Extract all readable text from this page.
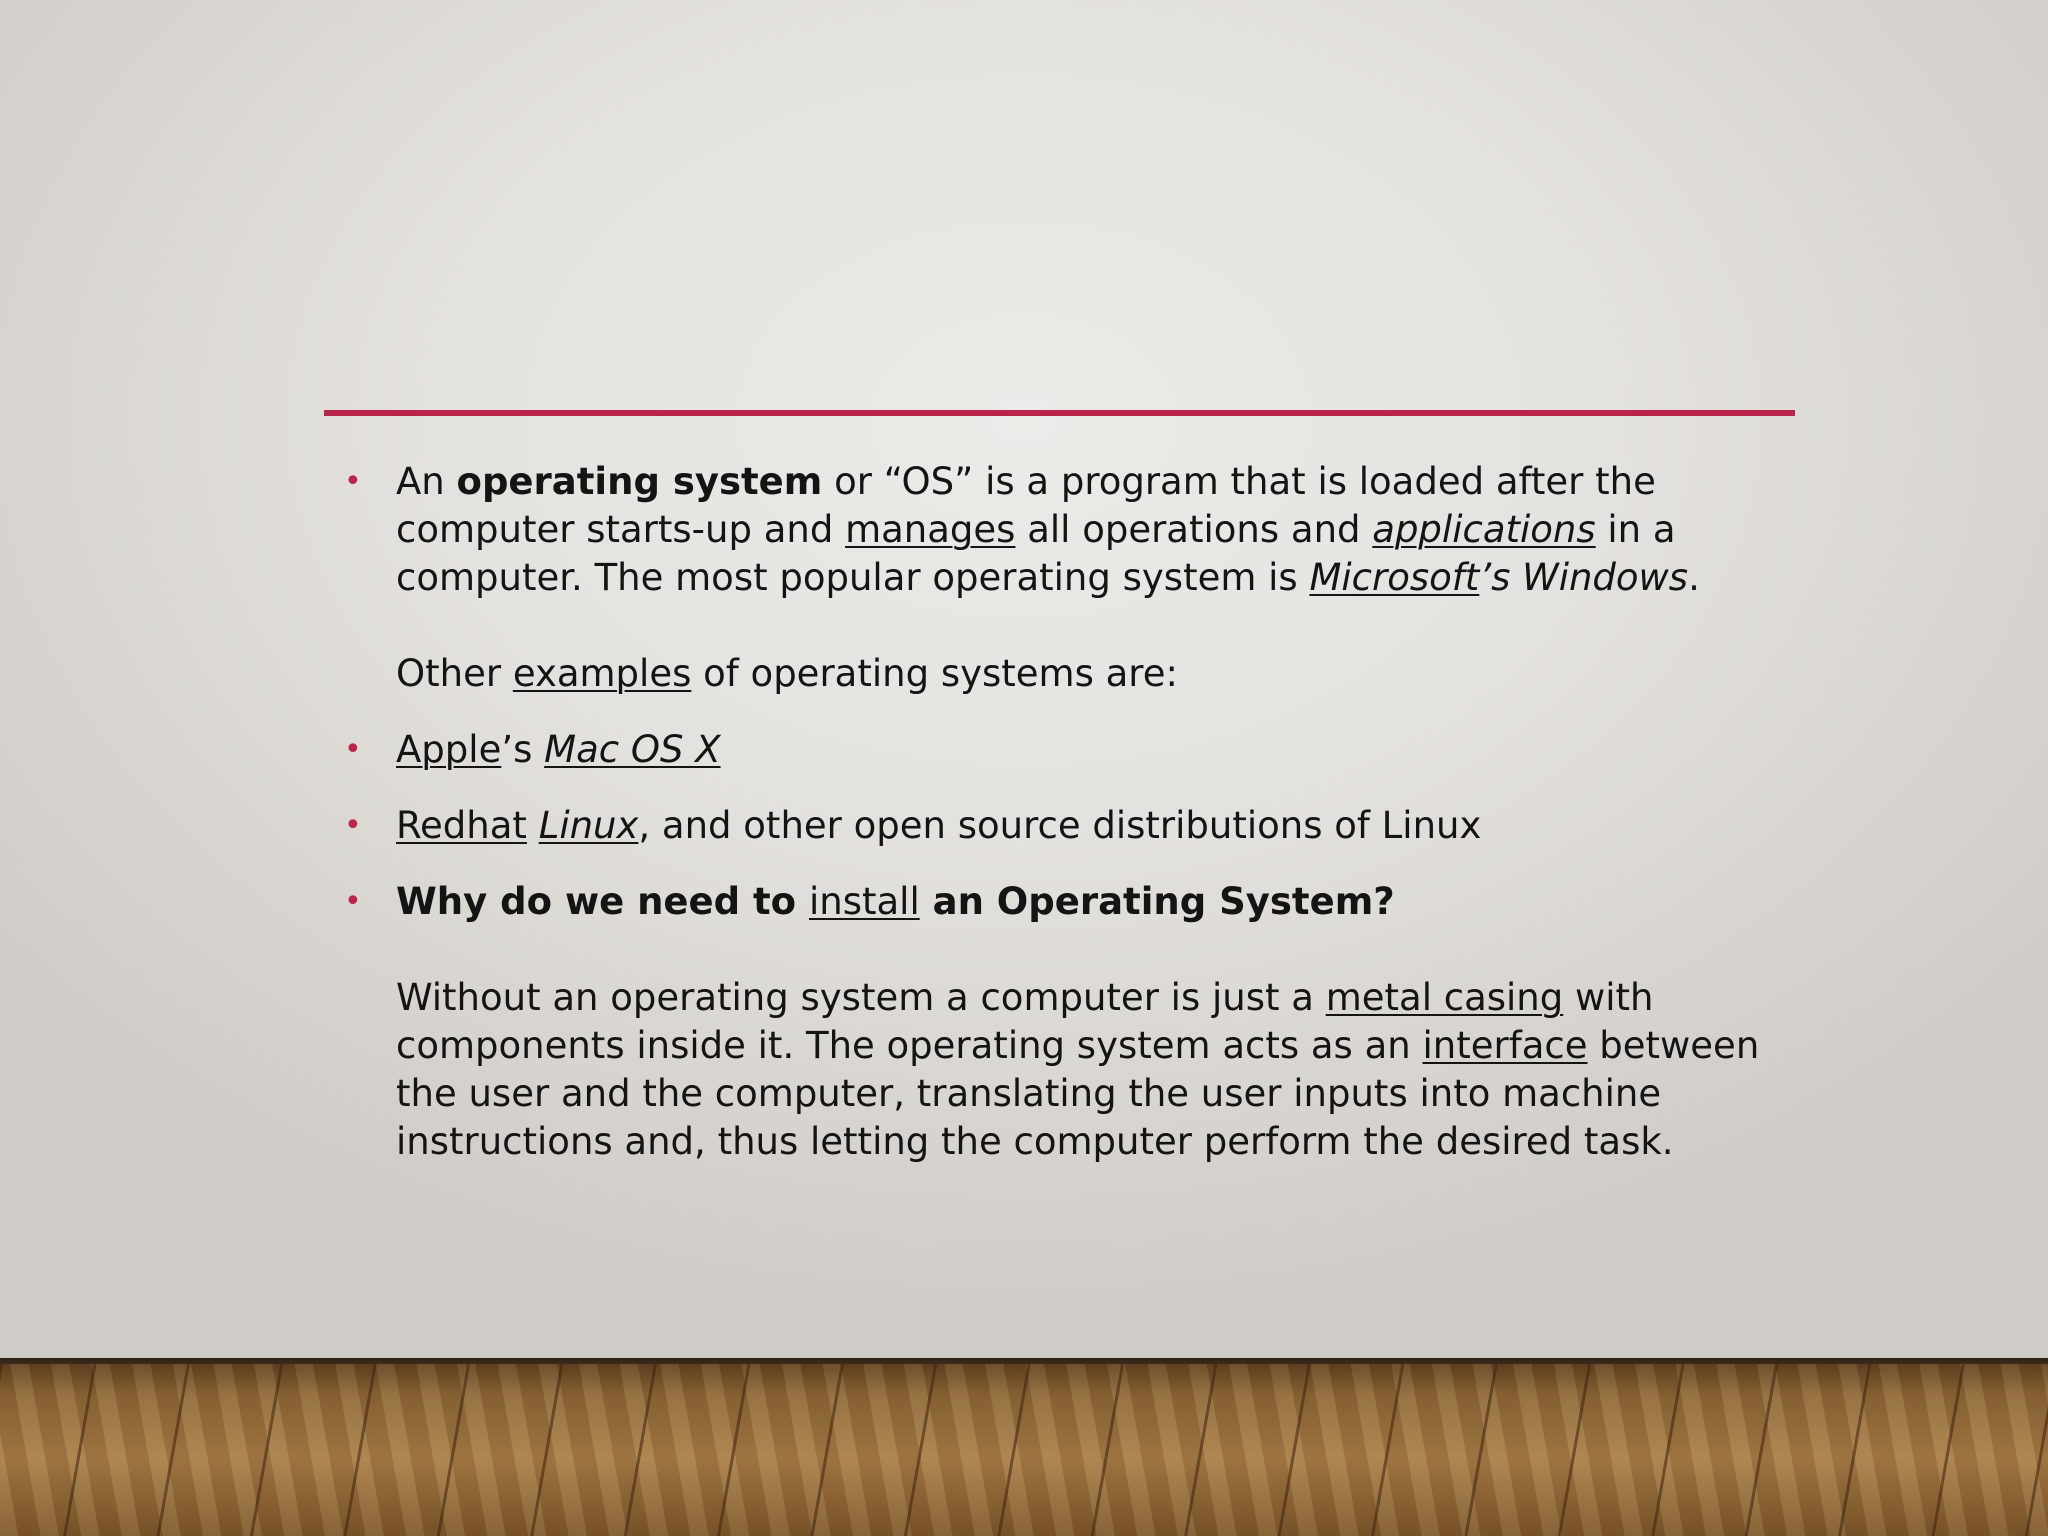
• An operating system or “OS” is a program that is loaded after the computer starts-up and manages all operations and applications in a computer. The most popular operating system is Microsoft’s Windows.
Other examples of operating systems are:
• Apple’s Mac OS X
• Redhat Linux, and other open source distributions of Linux
• Why do we need to install an Operating System?
Without an operating system a computer is just a metal casing with components inside it. The operating system acts as an interface between the user and the computer, translating the user inputs into machine instructions and, thus letting the computer perform the desired task.
